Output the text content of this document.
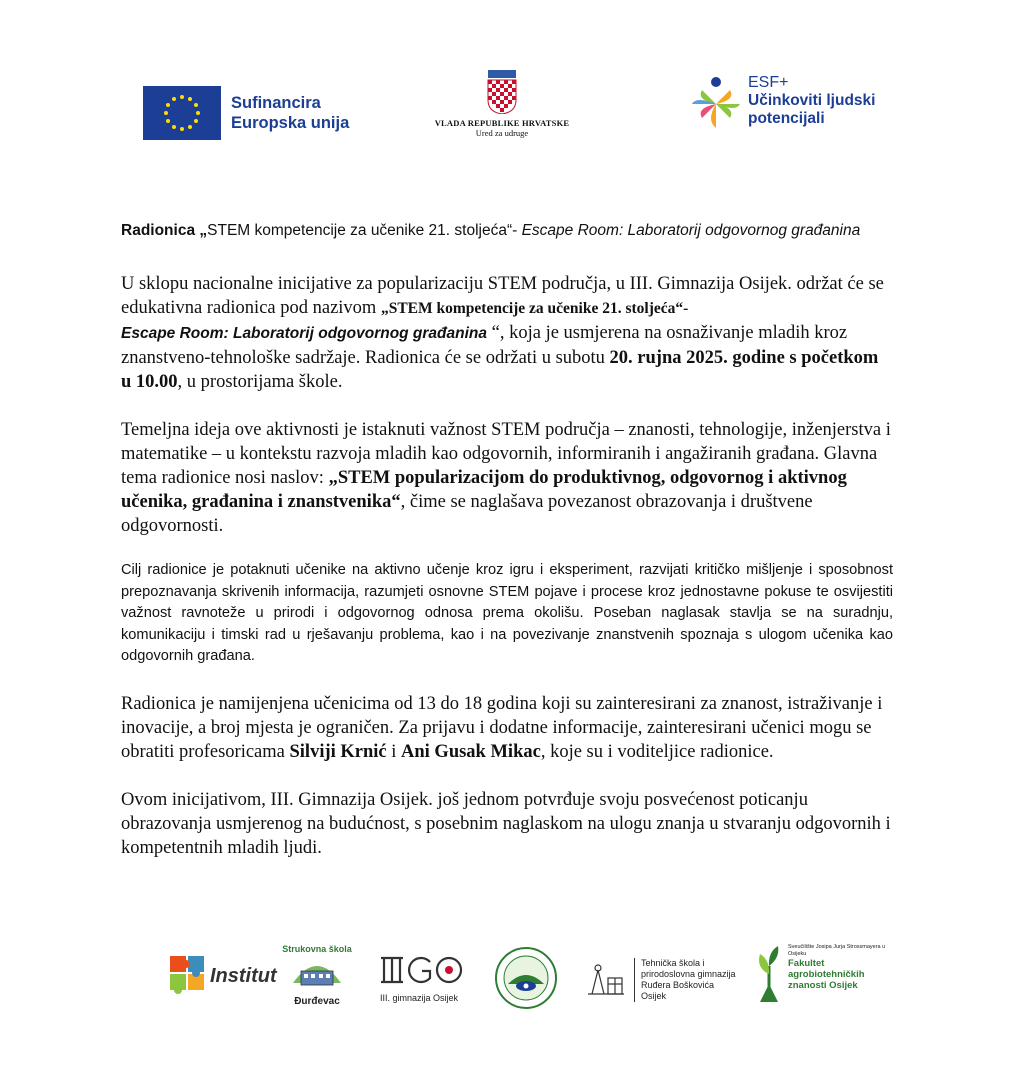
Sufinancira
Europska unija	VLADA REPUBLIKE HRVATSKE
Ured za udruge
ESF+
Učinkoviti ljudski
potencijali

Radionica „STEM kompetencije za učenike 21. stoljeća“- Escape Room: Laboratorij odgovornog građanina

U sklopu nacionalne inicijative za popularizaciju STEM područja, u III. Gimnazija Osijek. održat će se edukativna radionica pod nazivom „STEM kompetencije za učenike 21. stoljeća“-
Escape Room: Laboratorij odgovornog građanina “, koja je usmjerena na osnaživanje mladih kroz znanstveno-tehnološke sadržaje. Radionica će se održati u subotu 20. rujna 2025. godine s početkom u 10.00, u prostorijama škole.

Temeljna ideja ove aktivnosti je istaknuti važnost STEM područja – znanosti, tehnologije, inženjerstva i matematike – u kontekstu razvoja mladih kao odgovornih, informiranih i angažiranih građana. Glavna tema radionice nosi naslov: „STEM popularizacijom do produktivnog, odgovornog i aktivnog učenika, građanina i znanstvenika“, čime se naglašava povezanost obrazovanja i društvene odgovornosti.

Cilj radionice je potaknuti učenike na aktivno učenje kroz igru i eksperiment, razvijati kritičko mišljenje i sposobnost prepoznavanja skrivenih informacija, razumjeti osnovne STEM pojave i procese kroz jednostavne pokuse te osvijestiti važnost ravnoteže u prirodi i odgovornog odnosa prema okolišu. Poseban naglasak stavlja se na suradnju, komunikaciju i timski rad u rješavanju problema, kao i na povezivanje znanstvenih spoznaja s ulogom učenika kao odgovornih građana.

Radionica je namijenjena učenicima od 13 do 18 godina koji su zainteresirani za znanost, istraživanje i inovacije, a broj mjesta je ograničen. Za prijavu i dodatne informacije, zainteresirani učenici mogu se obratiti profesoricama Silviji Krnić i Ani Gusak Mikac, koje su i voditeljice radionice.

Ovom inicijativom, III. Gimnazija Osijek. još jednom potvrđuje svoju posvećenost poticanju obrazovanja usmjerenog na budućnost, s posebnim naglaskom na ulogu znanja u stvaranju odgovornih i kompetentnih mladih ljudi.

Institut
Strukovna škola
Đurđevac	III. gimnazija Osijek
Tehnička škola i
prirodoslovna gimnazija
Ruđera Boškovića
Osijek
Sveučilište Josipa Jurja Strossmayera u Osijeku
Fakultet
agrobiotehničkih
znanosti Osijek
